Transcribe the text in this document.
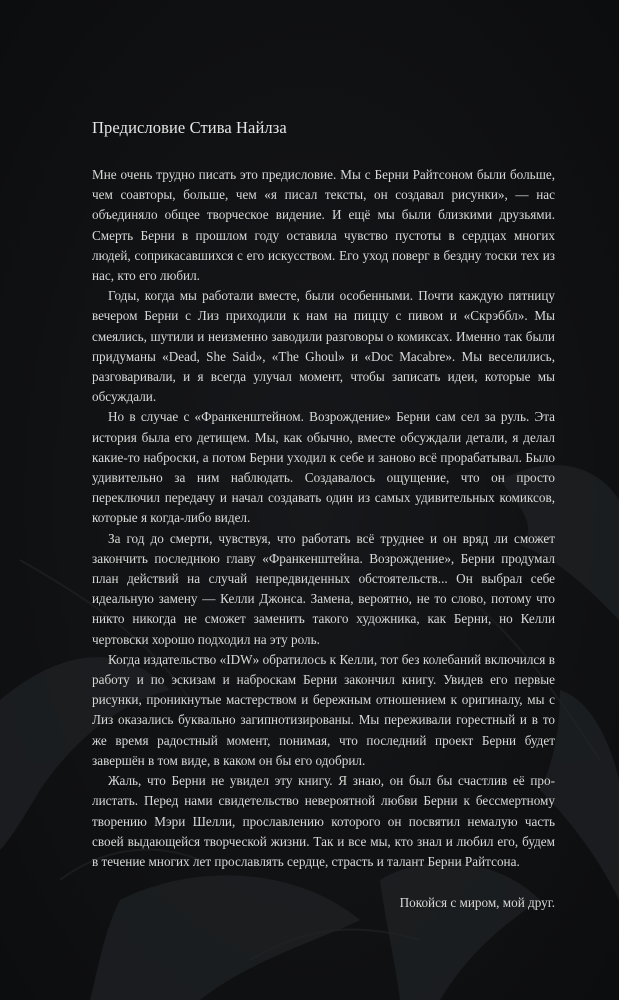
Предисловие Стива Найлза

Мне очень трудно писать это предисловие. Мы с Берни Райтсоном были больше, чем соавторы, больше, чем «я писал тексты, он создавал рисунки», — нас объединяло общее творческое видение. И ещё мы были близкими друзьями. Смерть Берни в прошлом году оставила чувство пустоты в сердцах многих людей, соприкасавшихся с его искусством. Его уход поверг в бездну тоски тех из нас, кто его любил.

Годы, когда мы работали вместе, были особенными. Почти каждую пятницу вечером Берни с Лиз приходили к нам на пиццу с пивом и «Скрэббл». Мы смеялись, шутили и неизменно заводили разговоры о комиксах. Именно так были придуманы «Dead, She Said», «The Ghoul» и «Doc Macabre». Мы веселились, разговаривали, и я всегда улучал момент, чтобы записать идеи, которые мы обсуждали.

Но в случае с «Франкенштейном. Возрождение» Берни сам сел за руль. Эта история была его детищем. Мы, как обычно, вместе обсуждали детали, я делал какие-то наброски, а потом Берни уходил к себе и заново всё прорабатывал. Было удивительно за ним наблюдать. Создавалось ощущение, что он просто переключил передачу и начал создавать один из самых удивительных комиксов, которые я когда-либо видел.

За год до смерти, чувствуя, что работать всё труднее и он вряд ли сможет закончить последнюю главу «Франкенштейна. Возрождение», Берни продумал план действий на случай непредвиденных обстоятельств... Он выбрал себе идеальную замену — Келли Джонса. Замена, вероятно, не то слово, потому что никто никогда не сможет заменить такого художника, как Берни, но Келли чертовски хорошо подходил на эту роль.

Когда издательство «IDW» обратилось к Келли, тот без колебаний включился в работу и по эскизам и наброскам Берни закончил книгу. Увидев его первые рисунки, проникнутые мастерством и бережным отношением к оригиналу, мы с Лиз оказались буквально загипнотизированы. Мы переживали горестный и в то же время радостный момент, понимая, что последний проект Берни будет завершён в том виде, в каком он бы его одобрил.

Жаль, что Берни не увидел эту книгу. Я знаю, он был бы счастлив её пролистать. Перед нами свидетельство невероятной любви Берни к бессмертному творению Мэри Шелли, прославлению которого он посвятил немалую часть своей выдающейся творческой жизни. Так и все мы, кто знал и любил его, будем в течение многих лет прославлять сердце, страсть и талант Берни Райтсона.

Покойся с миром, мой друг.
